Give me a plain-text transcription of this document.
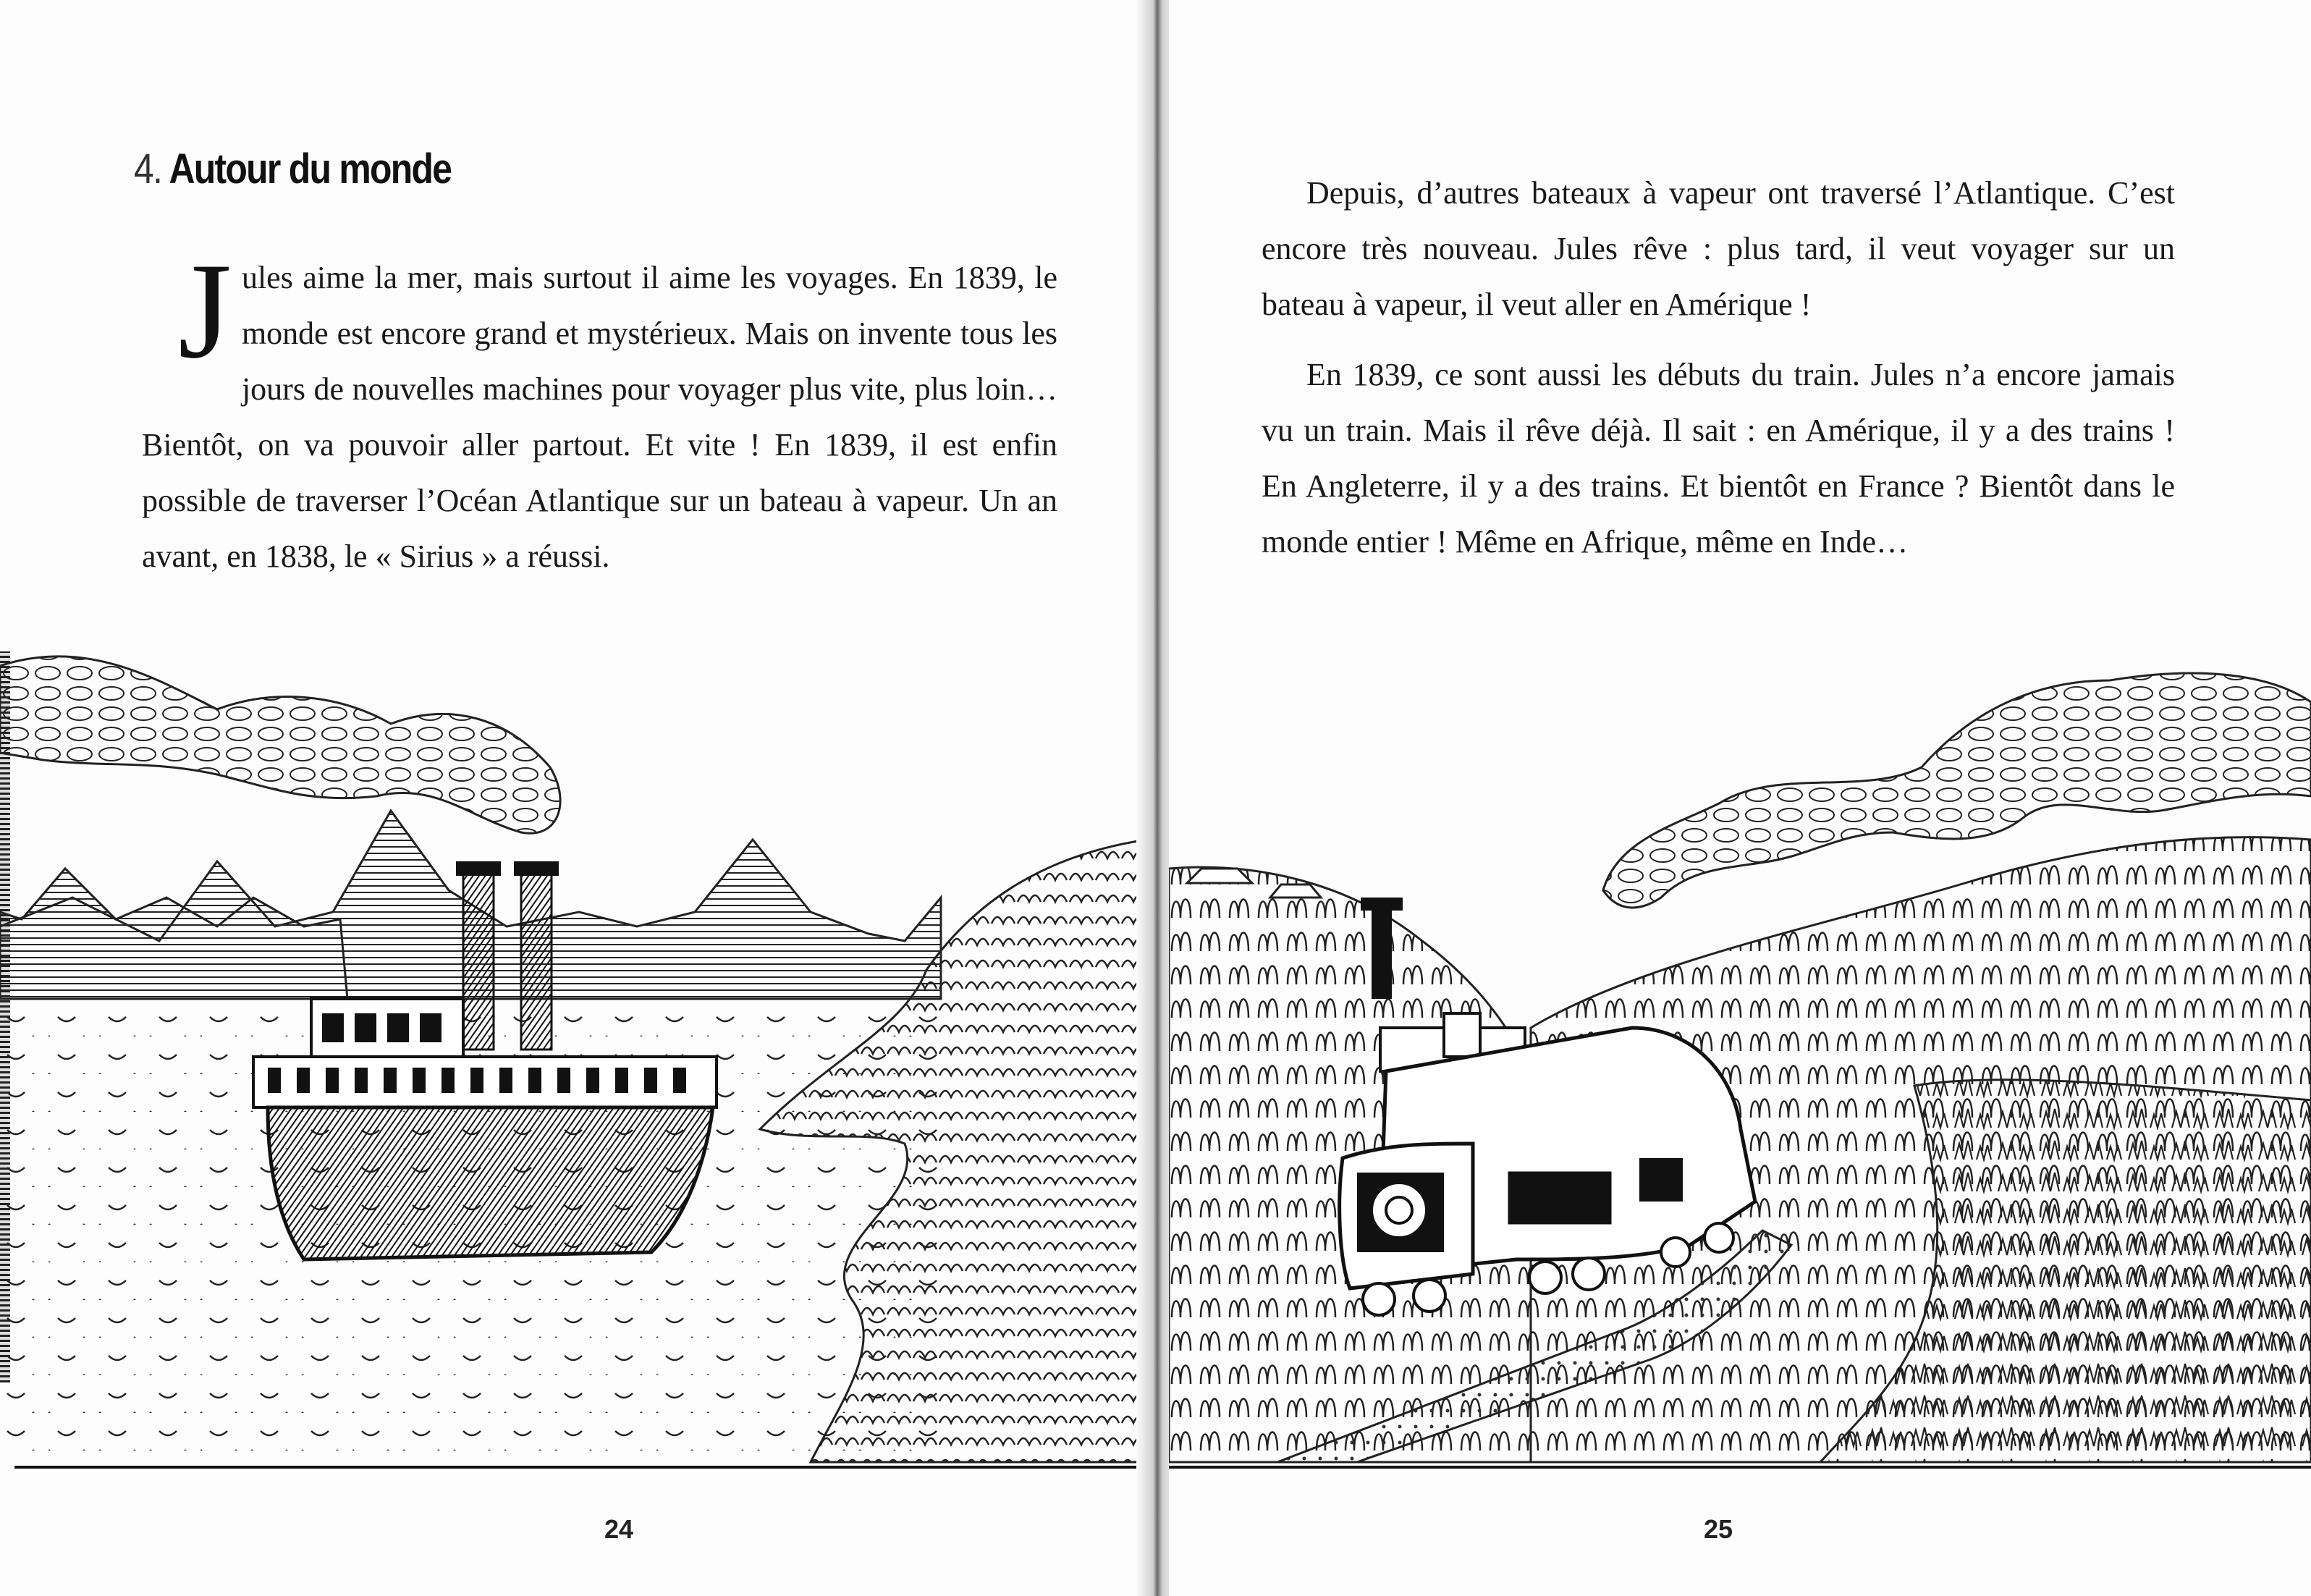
4. Autour du monde

Jules aime la mer, mais surtout il aime les voyages. En 1839, le monde est encore grand et mystérieux. Mais on invente tous les jours de nouvelles machines pour voyager plus vite, plus loin… Bientôt, on va pouvoir aller partout. Et vite ! En 1839, il est enfin possible de traverser l’Océan Atlantique sur un bateau à vapeur. Un an avant, en 1838, le « Sirius » a réussi.

24

Depuis, d’autres bateaux à vapeur ont traversé l’Atlantique. C’est encore très nouveau. Jules rêve : plus tard, il veut voyager sur un bateau à vapeur, il veut aller en Amérique !

En 1839, ce sont aussi les débuts du train. Jules n’a encore jamais vu un train. Mais il rêve déjà. Il sait : en Amérique, il y a des trains ! En Angleterre, il y a des trains. Et bientôt en France ? Bientôt dans le monde entier ! Même en Afrique, même en Inde…

25
